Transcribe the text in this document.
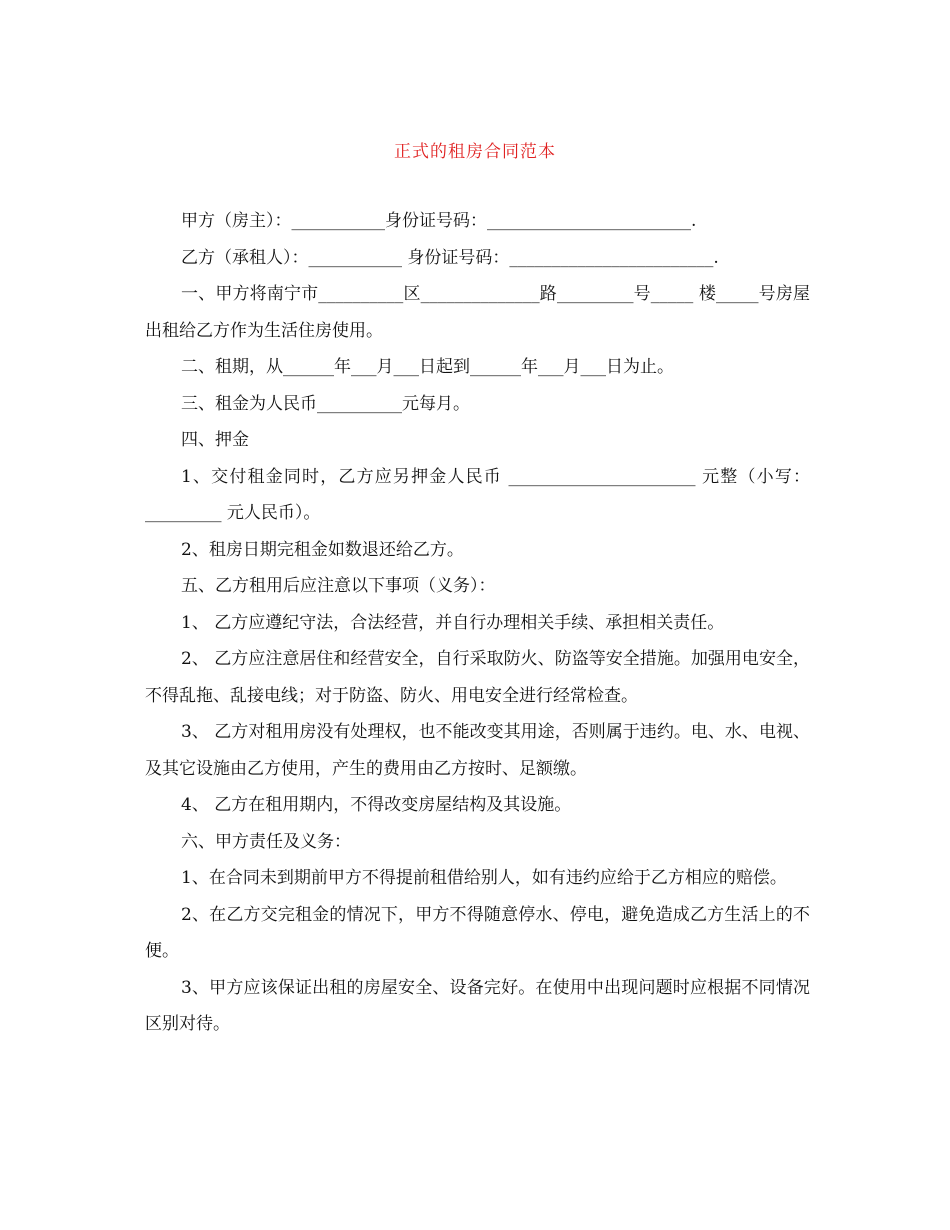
正式的租房合同范本

甲方（房主）：___________身份证号码：________________________.

乙方（承租人）：___________ 身份证号码：________________________.

一、甲方将南宁市__________区______________路_________号_____ 楼_____号房屋出租给乙方作为生活住房使用。

二、租期，从______年___月___日起到______年___月___日为止。

三、租金为人民币__________元每月。

四、押金

1、交付租金同时，乙方应另押金人民币 ______________________ 元整（小写：_________ 元人民币）。

2、租房日期完租金如数退还给乙方。

五、乙方租用后应注意以下事项（义务）：

1、 乙方应遵纪守法，合法经营，并自行办理相关手续、承担相关责任。

2、 乙方应注意居住和经营安全，自行采取防火、防盗等安全措施。加强用电安全，不得乱拖、乱接电线；对于防盗、防火、用电安全进行经常检查。

3、 乙方对租用房没有处理权，也不能改变其用途，否则属于违约。电、水、电视、及其它设施由乙方使用，产生的费用由乙方按时、足额缴。

4、 乙方在租用期内，不得改变房屋结构及其设施。

六、甲方责任及义务：

1、在合同未到期前甲方不得提前租借给别人，如有违约应给于乙方相应的赔偿。

2、在乙方交完租金的情况下，甲方不得随意停水、停电，避免造成乙方生活上的不便。

3、甲方应该保证出租的房屋安全、设备完好。在使用中出现问题时应根据不同情况区别对待。
